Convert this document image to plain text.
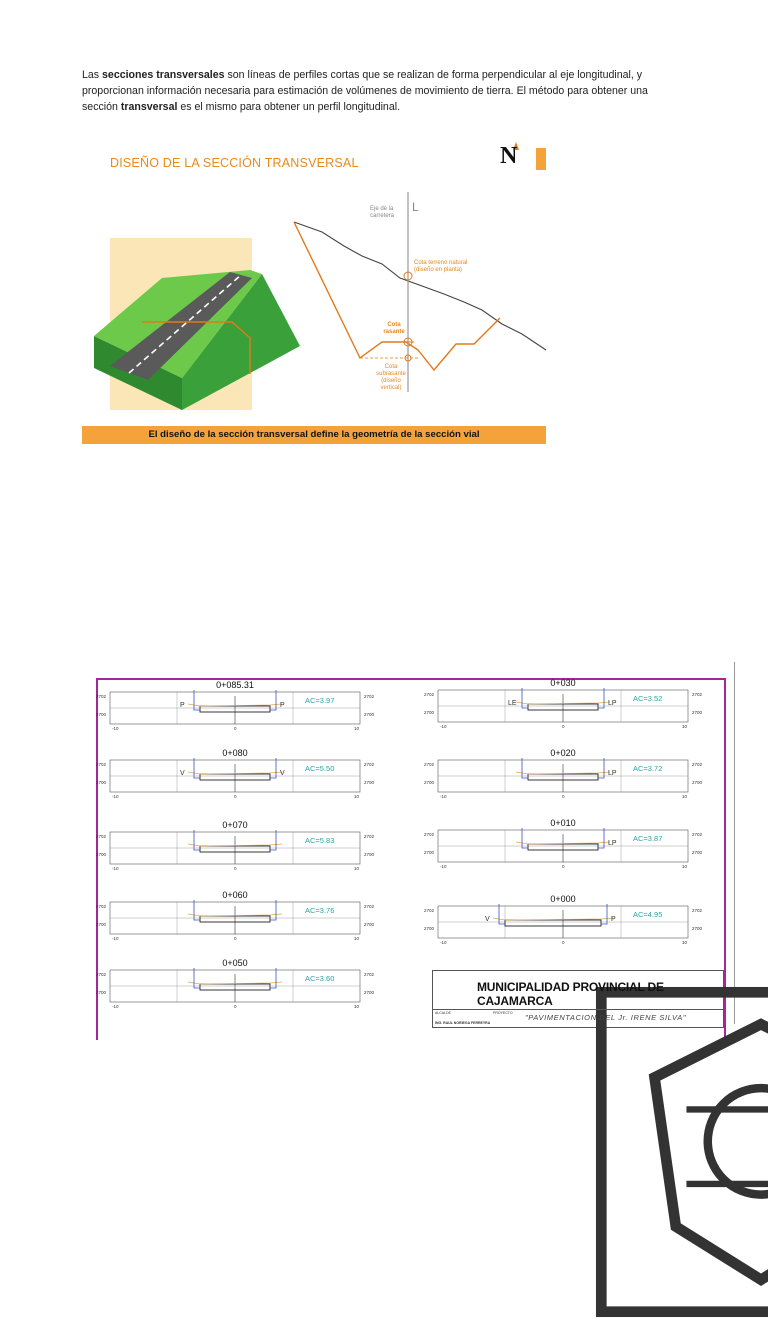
Las secciones transversales son líneas de perfiles cortas que se realizan de forma perpendicular al eje longitudinal, y proporcionan información necesaria para estimación de volúmenes de movimiento de tierra. El método para obtener una sección transversal es el mismo para obtener un perfil longitudinal.
DISEÑO DE LA SECCIÓN TRANSVERSAL	N
L
Eje de la carretera
Cota terreno natural
(diseño en planta)
Cota rasante
Cota subrasante
(diseño vertical)
El diseño de la sección transversal define la geometría de la sección vial
0+085.31
AC=3.97
2702
2700
2702
2700
-10	0	10
P	P
0+080
AC=5.50
2702
2700
2702
2700
-10	0	10
V	V
0+070
AC=5.83
2702
2700
2702
2700
-10	0	10
0+060
AC=3.76
2702
2700
2702
2700
-10	0	10
0+050
AC=3.60
2702
2700
2702
2700
-10	0	10
0+030
AC=3.52
2702
2700
2702
2700
-10	0	10
LE	LP
0+020
AC=3.72
2702
2700
2702
2700
-10	0	10
LP
0+010
AC=3.87
2702
2700
2702
2700
-10	0	10
LP
0+000
AC=4.95
2702
2700
2702
2700
-10	0	10
V	P
MUNICIPALIDAD PROVINCIAL DE CAJAMARCA
ALCALDE
ING. RAUL NORIEGA FERREYRA
PROYECTO "PAVIMENTACION DEL Jr. IRENE SILVA"
